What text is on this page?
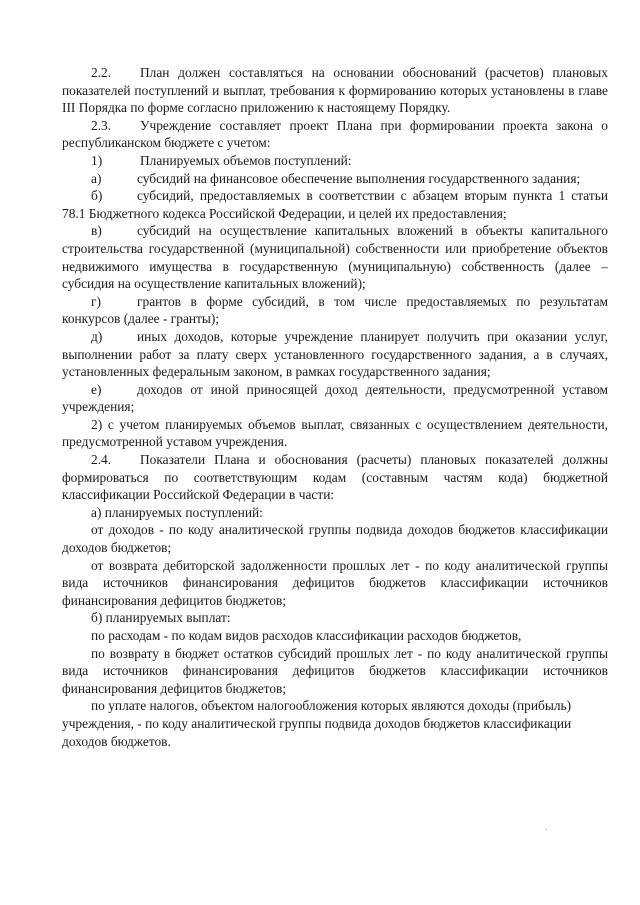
2.2. План должен составляться на основании обоснований (расчетов) плановых показателей поступлений и выплат, требования к формированию которых установлены в главе III Порядка по форме согласно приложению к настоящему Порядку.

2.3. Учреждение составляет проект Плана при формировании проекта закона о республиканском бюджете с учетом:

1)	Планируемых объемов поступлений:

а)	субсидий на финансовое обеспечение выполнения государственного задания;

б)	субсидий, предоставляемых в соответствии с абзацем вторым пункта 1 статьи 78.1 Бюджетного кодекса Российской Федерации, и целей их предоставления;

в)	субсидий на осуществление капитальных вложений в объекты капитального строительства государственной (муниципальной) собственности или приобретение объектов недвижимого имущества в государственную (муниципальную) собственность (далее – субсидия на осуществление капитальных вложений);

г)	грантов в форме субсидий, в том числе предоставляемых по результатам конкурсов (далее - гранты);

д)	иных доходов, которые учреждение планирует получить при оказании услуг, выполнении работ за плату сверх установленного государственного задания, а в случаях, установленных федеральным законом, в рамках государственного задания;

е)	доходов от иной приносящей доход деятельности, предусмотренной уставом учреждения;

2) с учетом планируемых объемов выплат, связанных с осуществлением деятельности, предусмотренной уставом учреждения.

2.4. Показатели Плана и обоснования (расчеты) плановых показателей должны формироваться по соответствующим кодам (составным частям кода) бюджетной классификации Российской Федерации в части:

а) планируемых поступлений:

от доходов - по коду аналитической группы подвида доходов бюджетов классификации доходов бюджетов;

от возврата дебиторской задолженности прошлых лет - по коду аналитической группы вида источников финансирования дефицитов бюджетов классификации источников финансирования дефицитов бюджетов;

б) планируемых выплат:

по расходам - по кодам видов расходов классификации расходов бюджетов,

по возврату в бюджет остатков субсидий прошлых лет - по коду аналитической группы вида источников финансирования дефицитов бюджетов классификации источников финансирования дефицитов бюджетов;

по уплате налогов, объектом налогообложения которых являются доходы (прибыль) учреждения, - по коду аналитической группы подвида доходов бюджетов классификации доходов бюджетов.
